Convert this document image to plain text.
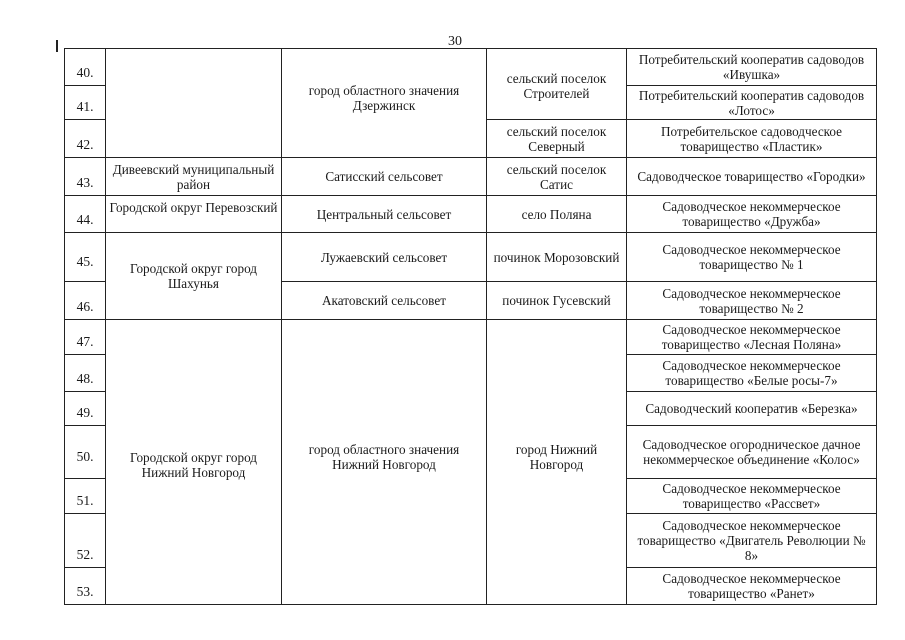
30
40.		город областного значения Дзержинск	сельский поселок Строителей	Потребительский кооператив садоводов «Ивушка»
41.				Потребительский кооператив садоводов «Лотос»
42.			сельский поселок Северный	Потребительское садоводческое товарищество «Пластик»
43.	Дивеевский муниципальный район	Сатисский сельсовет	сельский поселок Сатис	Садоводческое товарищество «Городки»
44.	Городской округ Перевозский	Центральный сельсовет	село Поляна	Садоводческое некоммерческое товарищество «Дружба»
45.	Городской округ город Шахунья	Лужаевский сельсовет	починок Морозовский	Садоводческое некоммерческое товарищество № 1
46.		Акатовский сельсовет	починок Гусевский	Садоводческое некоммерческое товарищество № 2
47.	Городской округ город Нижний Новгород	город областного значения Нижний Новгород	город Нижний Новгород	Садоводческое некоммерческое товарищество «Лесная Поляна»
48.				Садоводческое некоммерческое товарищество «Белые росы-7»
49.				Садоводческий кооператив «Березка»
50.				Садоводческое огородническое дачное некоммерческое объединение «Колос»
51.				Садоводческое некоммерческое товарищество «Рассвет»
52.				Садоводческое некоммерческое товарищество «Двигатель Революции № 8»
53.				Садоводческое некоммерческое товарищество «Ранет»
